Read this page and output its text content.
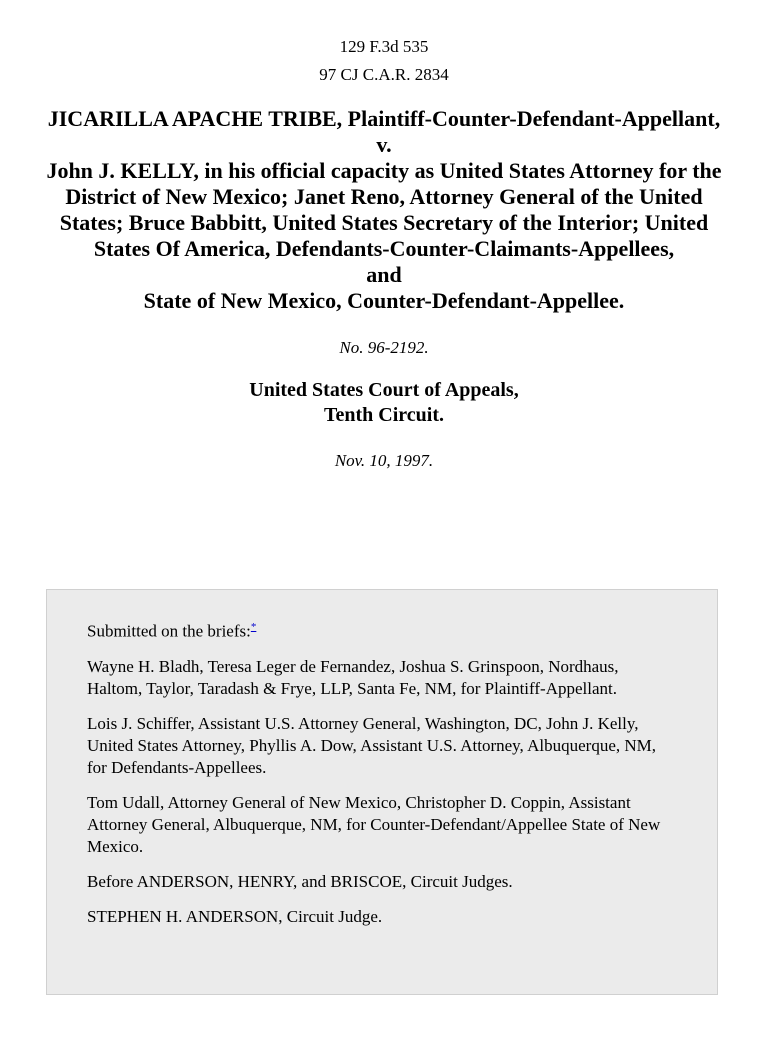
129 F.3d 535
97 CJ C.A.R. 2834
JICARILLA APACHE TRIBE, Plaintiff-Counter-Defendant-Appellant,
v.
John J. KELLY, in his official capacity as United States Attorney for the District of New Mexico; Janet Reno, Attorney General of the United States; Bruce Babbitt, United States Secretary of the Interior; United States Of America, Defendants-Counter-Claimants-Appellees,
and
State of New Mexico, Counter-Defendant-Appellee.
No. 96-2192.
United States Court of Appeals,
Tenth Circuit.
Nov. 10, 1997.

Submitted on the briefs:*

Wayne H. Bladh, Teresa Leger de Fernandez, Joshua S. Grinspoon, Nordhaus, Haltom, Taylor, Taradash & Frye, LLP, Santa Fe, NM, for Plaintiff-Appellant.

Lois J. Schiffer, Assistant U.S. Attorney General, Washington, DC, John J. Kelly, United States Attorney, Phyllis A. Dow, Assistant U.S. Attorney, Albuquerque, NM, for Defendants-Appellees.

Tom Udall, Attorney General of New Mexico, Christopher D. Coppin, Assistant Attorney General, Albuquerque, NM, for Counter-Defendant/Appellee State of New Mexico.

Before ANDERSON, HENRY, and BRISCOE, Circuit Judges.

STEPHEN H. ANDERSON, Circuit Judge.
